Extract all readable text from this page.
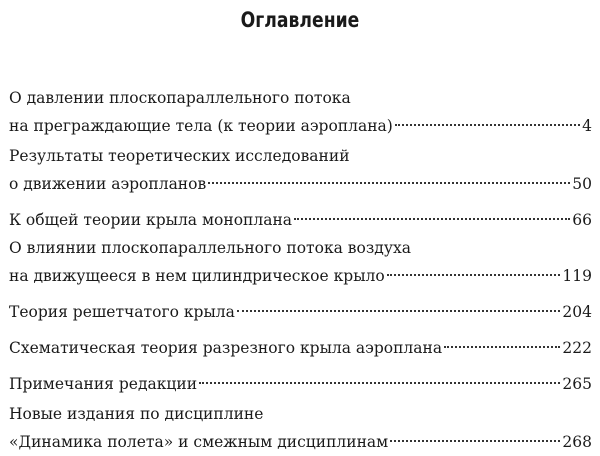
Оглавление
О давлении плоскопараллельного потока
на преграждающие тела (к теории аэроплана)	4
Результаты теоретических исследований
о движении аэропланов	50
К общей теории крыла моноплана	66
О влиянии плоскопараллельного потока воздуха
на движущееся в нем цилиндрическое крыло	119
Теория решетчатого крыла	204
Схематическая теория разрезного крыла аэроплана	222
Примечания редакции	265
Новые издания по дисциплине
«Динамика полета» и смежным дисциплинам	268
